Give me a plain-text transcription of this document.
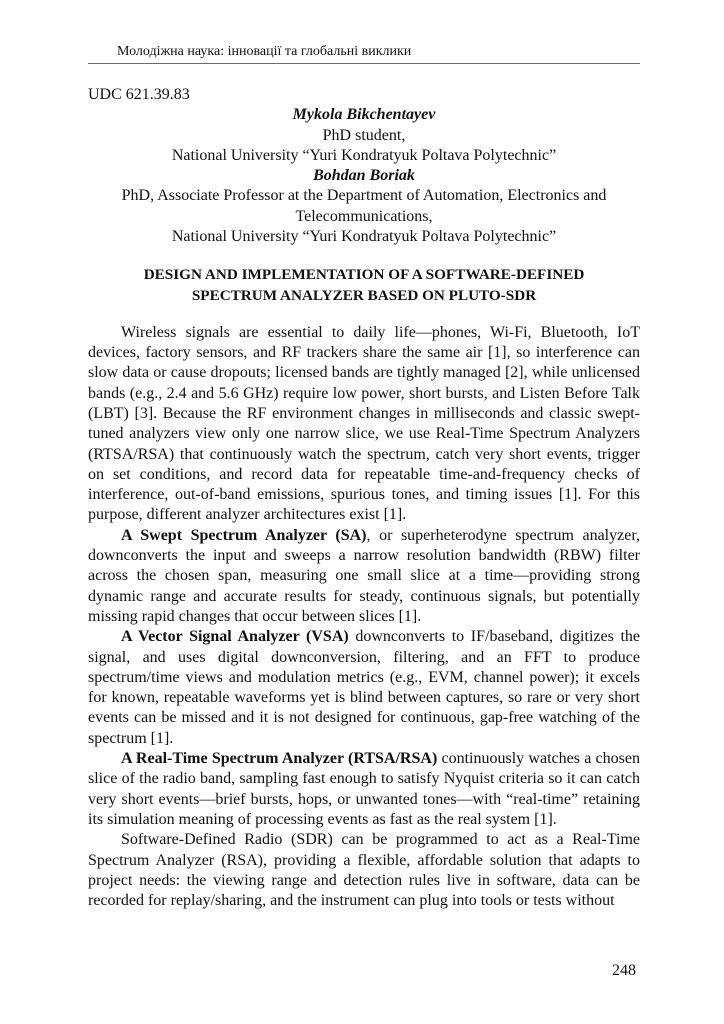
Молодіжна наука: інновації та глобальні виклики
UDC 621.39.83
Mykola Bikchentayev
PhD student,
National University “Yuri Kondratyuk Poltava Polytechnic”
Bohdan Boriak
PhD, Associate Professor at the Department of Automation, Electronics and
Telecommunications,
National University “Yuri Kondratyuk Poltava Polytechnic”
DESIGN AND IMPLEMENTATION OF A SOFTWARE-DEFINED
SPECTRUM ANALYZER BASED ON PLUTO-SDR

Wireless signals are essential to daily life—phones, Wi-Fi, Bluetooth, IoT devices, factory sensors, and RF trackers share the same air [1], so interference can slow data or cause dropouts; licensed bands are tightly managed [2], while unlicensed bands (e.g., 2.4 and 5.6 GHz) require low power, short bursts, and Listen Before Talk (LBT) [3]. Because the RF environment changes in milliseconds and classic swept-tuned analyzers view only one narrow slice, we use Real-Time Spectrum Analyzers (RTSA/RSA) that continuously watch the spectrum, catch very short events, trigger on set conditions, and record data for repeatable time-and-frequency checks of interference, out-of-band emissions, spurious tones, and timing issues [1]. For this purpose, different analyzer architectures exist [1].

A Swept Spectrum Analyzer (SA), or superheterodyne spectrum analyzer, downconverts the input and sweeps a narrow resolution bandwidth (RBW) filter across the chosen span, measuring one small slice at a time—providing strong dynamic range and accurate results for steady, continuous signals, but potentially missing rapid changes that occur between slices [1].

A Vector Signal Analyzer (VSA) downconverts to IF/baseband, digitizes the signal, and uses digital downconversion, filtering, and an FFT to produce spectrum/time views and modulation metrics (e.g., EVM, channel power); it excels for known, repeatable waveforms yet is blind between captures, so rare or very short events can be missed and it is not designed for continuous, gap-free watching of the spectrum [1].

A Real-Time Spectrum Analyzer (RTSA/RSA) continuously watches a chosen slice of the radio band, sampling fast enough to satisfy Nyquist criteria so it can catch very short events—brief bursts, hops, or unwanted tones—with “real-time” retaining its simulation meaning of processing events as fast as the real system [1].

Software-Defined Radio (SDR) can be programmed to act as a Real-Time Spectrum Analyzer (RSA), providing a flexible, affordable solution that adapts to project needs: the viewing range and detection rules live in software, data can be recorded for replay/sharing, and the instrument can plug into tools or tests without

248
